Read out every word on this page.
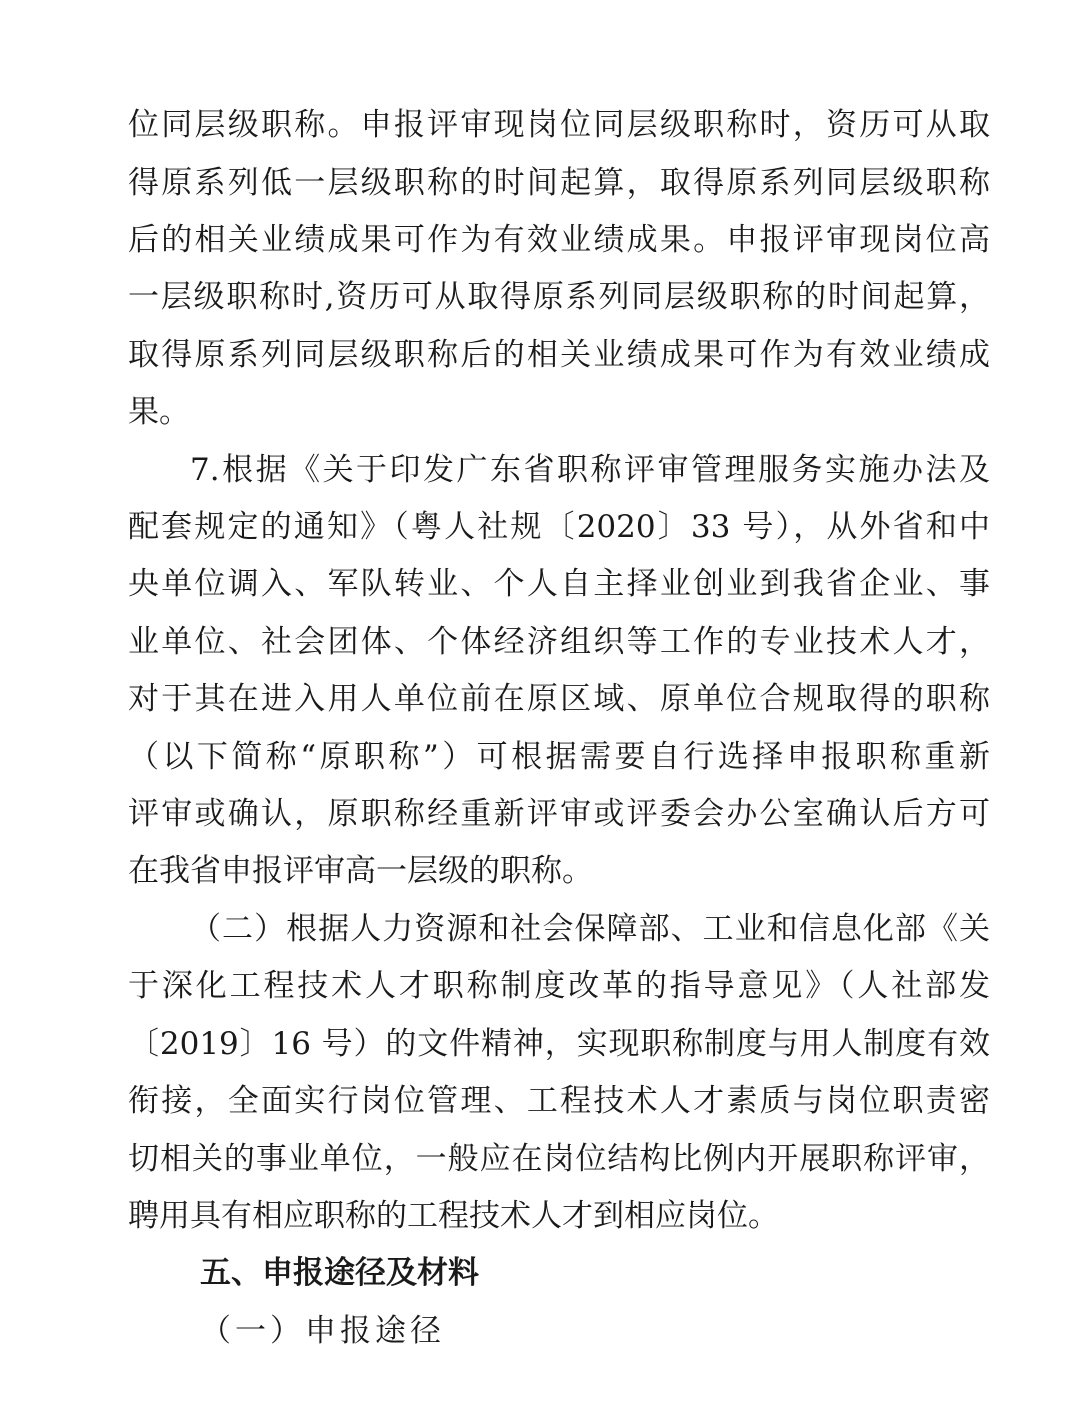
位同层级职称。申报评审现岗位同层级职称时，资历可从取
得原系列低一层级职称的时间起算，取得原系列同层级职称
后的相关业绩成果可作为有效业绩成果。申报评审现岗位高
一层级职称时,资历可从取得原系列同层级职称的时间起算，
取得原系列同层级职称后的相关业绩成果可作为有效业绩成
果。
7.根据《关于印发广东省职称评审管理服务实施办法及
配套规定的通知》（粤人社规〔2020〕33 号），从外省和中
央单位调入、军队转业、个人自主择业创业到我省企业、事
业单位、社会团体、个体经济组织等工作的专业技术人才，
对于其在进入用人单位前在原区域、原单位合规取得的职称
（以下简称“原职称”）可根据需要自行选择申报职称重新
评审或确认，原职称经重新评审或评委会办公室确认后方可
在我省申报评审高一层级的职称。
（二）根据人力资源和社会保障部、工业和信息化部《关
于深化工程技术人才职称制度改革的指导意见》（人社部发
〔2019〕16 号）的文件精神，实现职称制度与用人制度有效
衔接，全面实行岗位管理、工程技术人才素质与岗位职责密
切相关的事业单位，一般应在岗位结构比例内开展职称评审，
聘用具有相应职称的工程技术人才到相应岗位。
五、申报途径及材料
（一）申报途径
